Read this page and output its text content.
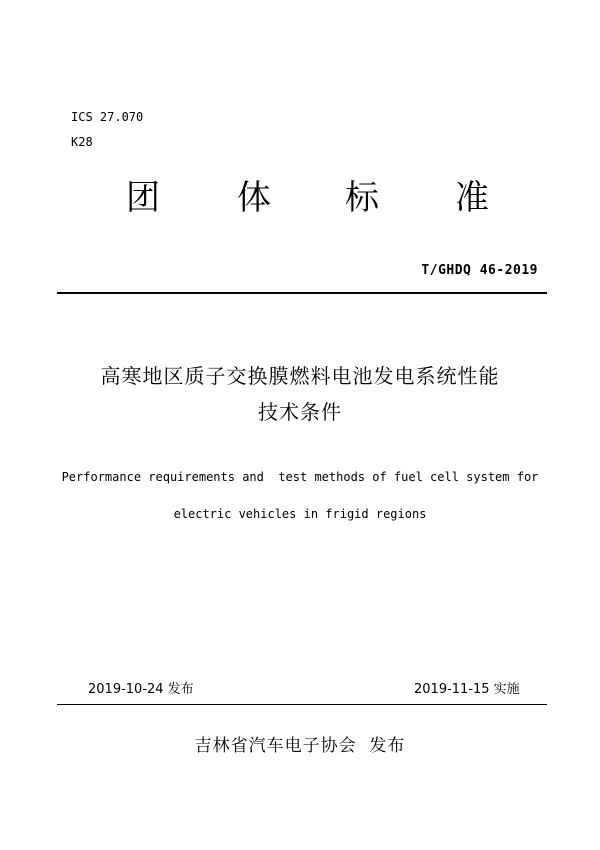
ICS 27.070
K28
团 体 标 准
T/GHDQ 46-2019
高寒地区质子交换膜燃料电池发电系统性能
技术条件
Performance requirements and  test methods of fuel cell system for
electric vehicles in frigid regions
2019-10-24 发布	2019-11-15 实施
吉林省汽车电子协会  发布
